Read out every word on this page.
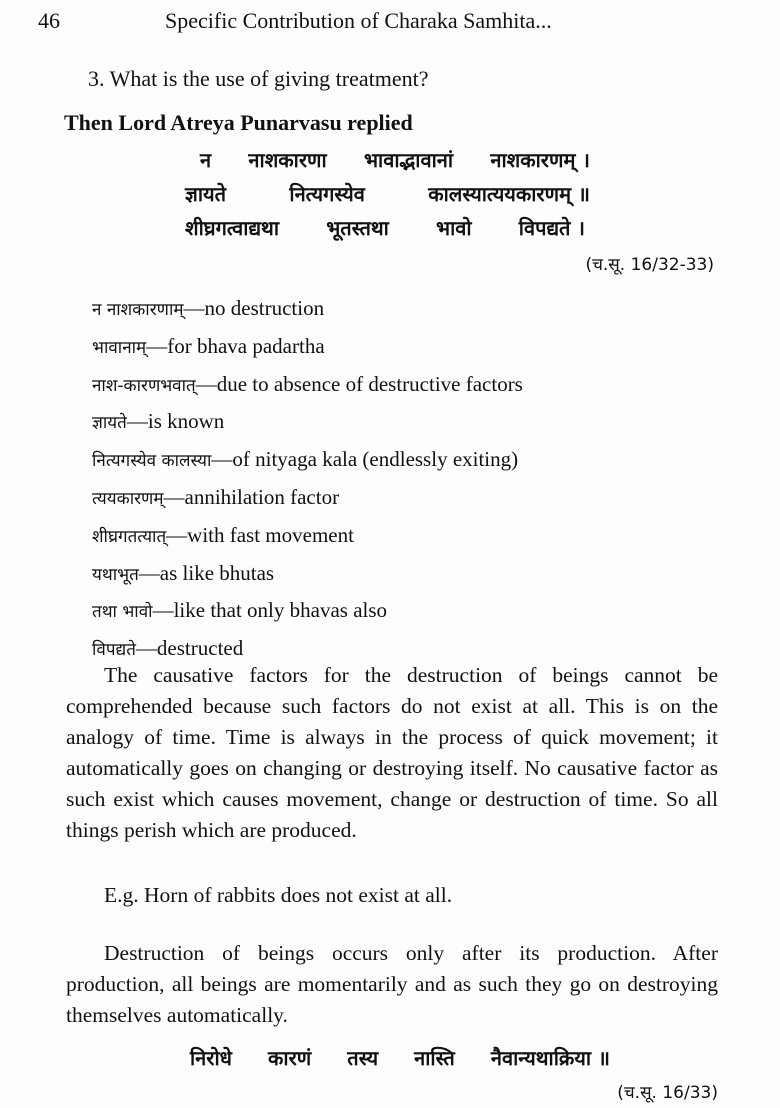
46	Specific Contribution of Charaka Samhita...
3. What is the use of giving treatment?
Then Lord Atreya Punarvasu replied
न नाशकारणा भावाद्भावानां नाशकारणम् ।
ज्ञायते	नित्यगस्येव	कालस्यात्ययकारणम् ॥
शीघ्रगत्वाद्यथा भूतस्तथा भावो विपद्यते ।
(च.सू. 16/32-33)
न नाशकारणाम्—no destruction
भावानाम्—for bhava padartha
नाश-कारणभवात्—due to absence of destructive factors
ज्ञायते—is known
नित्यगस्येव कालस्या—of nityaga kala (endlessly exiting)
त्ययकारणम्—annihilation factor
शीघ्रगतत्यात्—with fast movement
यथाभूत—as like bhutas
तथा भावो—like that only bhavas also
विपद्यते—destructed

The causative factors for the destruction of beings cannot be comprehended because such factors do not exist at all. This is on the analogy of time. Time is always in the process of quick movement; it automatically goes on changing or destroying itself. No causative factor as such exist which causes movement, change or destruction of time. So all things perish which are produced.

E.g. Horn of rabbits does not exist at all.

Destruction of beings occurs only after its production. After production, all beings are momentarily and as such they go on destroying themselves automatically.

निरोधे कारणं तस्य नास्ति नैवान्यथाक्रिया ॥
(च.सू. 16/33)
